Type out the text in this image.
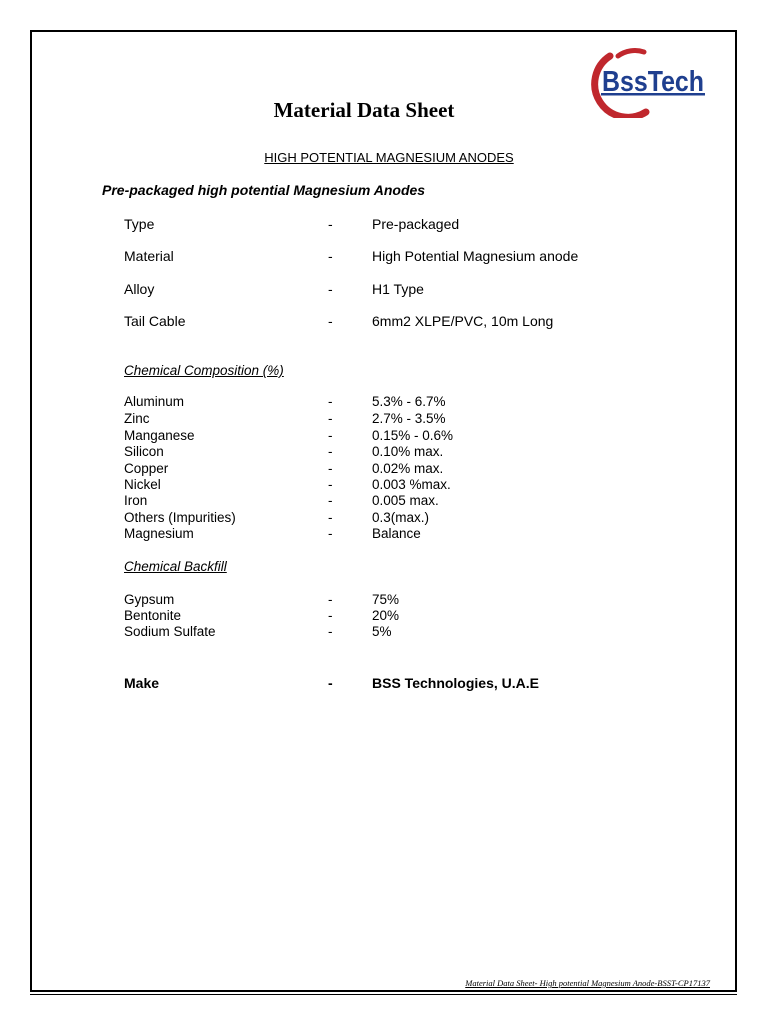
BssTech
Material Data Sheet
HIGH POTENTIAL MAGNESIUM ANODES
Pre-packaged high potential Magnesium Anodes
Type	-	Pre-packaged
Material	-	High Potential Magnesium anode
Alloy	-	H1 Type
Tail Cable	-	6mm2 XLPE/PVC, 10m Long
Chemical Composition (%)
Aluminum	-	5.3% - 6.7%
Zinc	-	2.7% - 3.5%
Manganese	-	0.15% - 0.6%
Silicon	-	0.10% max.
Copper	-	0.02% max.
Nickel	-	0.003 %max.
Iron	-	0.005 max.
Others (Impurities)	-	0.3(max.)
Magnesium	-	Balance
Chemical Backfill
Gypsum	-	75%
Bentonite	-	20%
Sodium Sulfate	-	5%
Make	-	BSS Technologies, U.A.E
Material Data Sheet- High potential Magnesium Anode-BSST-CP17137
